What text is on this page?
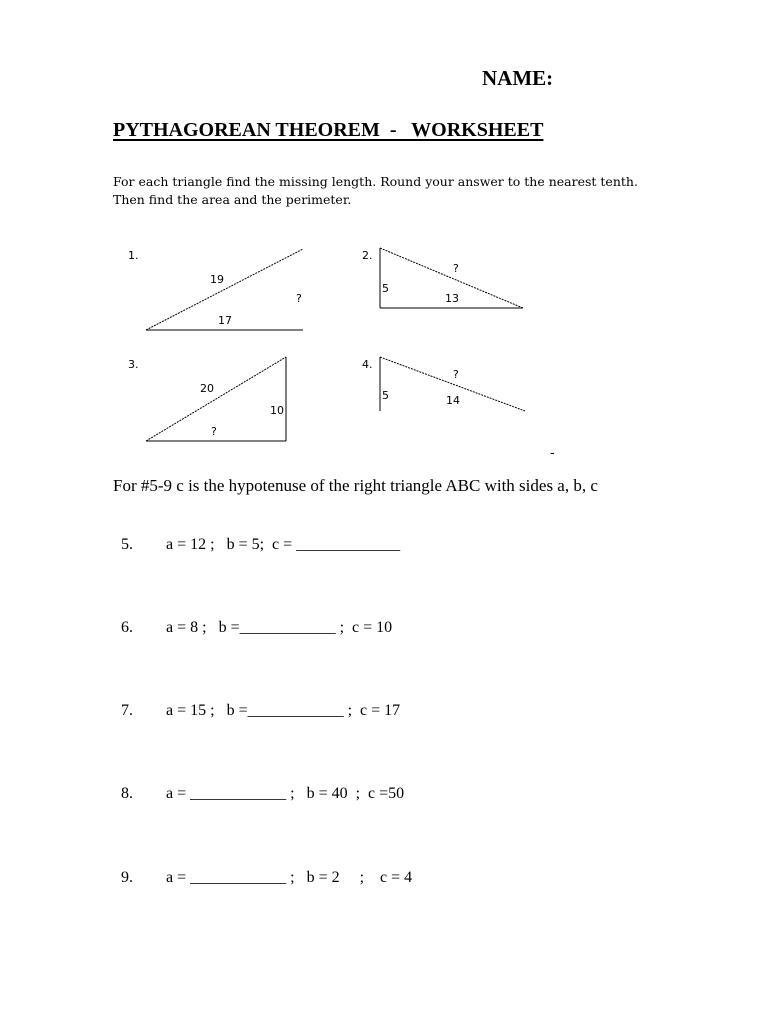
NAME:
PYTHAGOREAN THEOREM  -   WORKSHEET
For each triangle find the missing length. Round your answer to the nearest tenth. Then find the area and the perimeter.
1.
19
?
17
2.
?
5
13
3.
20
10
?
4.
?
5	14
-
For #5-9 c is the hypotenuse of the right triangle ABC with sides a, b, c

5. a = 12 ;   b = 5;  c = _____________

6. a = 8 ;   b =____________ ;  c = 10

7. a = 15 ;   b =____________ ;  c = 17

8. a = ____________ ;   b = 40  ;  c =50

9. a = ____________ ;   b = 2     ;    c = 4
